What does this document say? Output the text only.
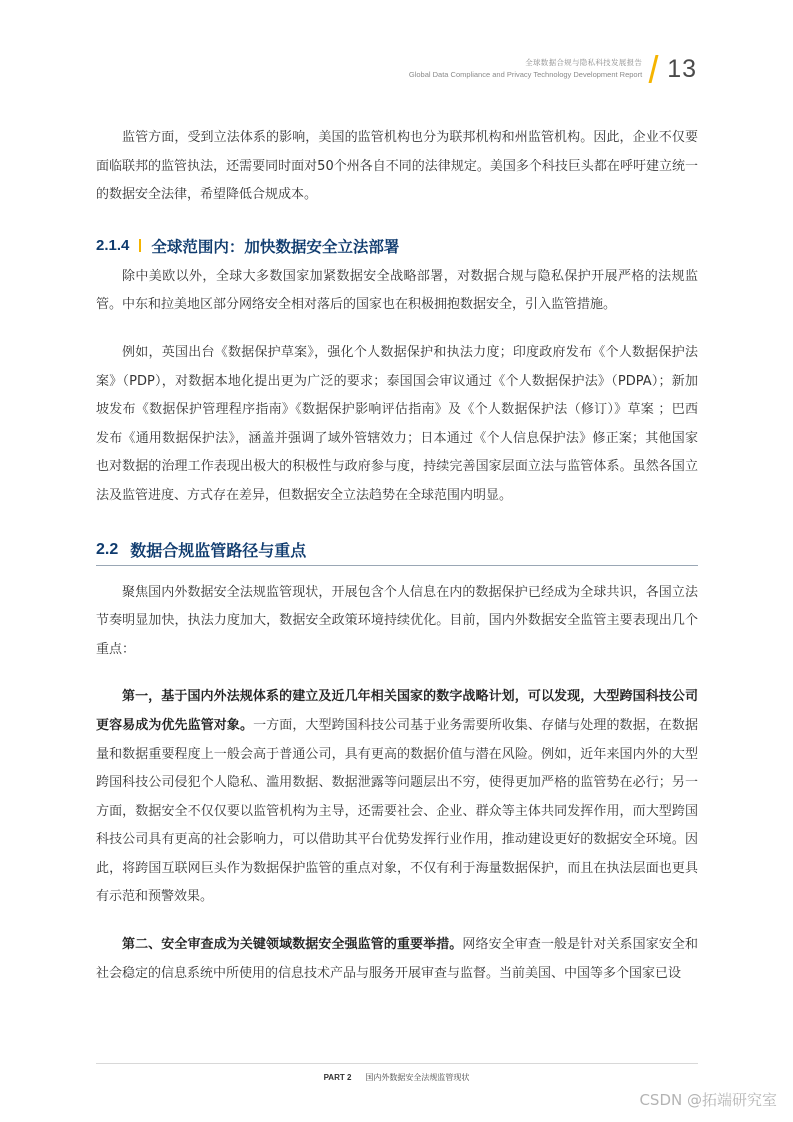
全球数据合规与隐私科技发展报告
Global Data Compliance and Privacy Technology Development Report 13

监管方面，受到立法体系的影响，美国的监管机构也分为联邦机构和州监管机构。因此，企业不仅要面临联邦的监管执法，还需要同时面对50个州各自不同的法律规定。美国多个科技巨头都在呼吁建立统一的数据安全法律，希望降低合规成本。

2.1.4 全球范围内：加快数据安全立法部署

除中美欧以外，全球大多数国家加紧数据安全战略部署，对数据合规与隐私保护开展严格的法规监管。中东和拉美地区部分网络安全相对落后的国家也在积极拥抱数据安全，引入监管措施。

例如，英国出台《数据保护草案》，强化个人数据保护和执法力度；印度政府发布《个人数据保护法案》（PDP），对数据本地化提出更为广泛的要求；泰国国会审议通过《个人数据保护法》（PDPA）；新加坡发布《数据保护管理程序指南》《数据保护影响评估指南》及《个人数据保护法（修订）》草案 ；巴西发布《通用数据保护法》，涵盖并强调了域外管辖效力；日本通过《个人信息保护法》修正案；其他国家也对数据的治理工作表现出极大的积极性与政府参与度，持续完善国家层面立法与监管体系。虽然各国立法及监管进度、方式存在差异，但数据安全立法趋势在全球范围内明显。

2.2 数据合规监管路径与重点

聚焦国内外数据安全法规监管现状，开展包含个人信息在内的数据保护已经成为全球共识，各国立法节奏明显加快，执法力度加大，数据安全政策环境持续优化。目前，国内外数据安全监管主要表现出几个重点：

第一，基于国内外法规体系的建立及近几年相关国家的数字战略计划，可以发现，大型跨国科技公司更容易成为优先监管对象。一方面，大型跨国科技公司基于业务需要所收集、存储与处理的数据，在数据量和数据重要程度上一般会高于普通公司，具有更高的数据价值与潜在风险。例如，近年来国内外的大型跨国科技公司侵犯个人隐私、滥用数据、数据泄露等问题层出不穷，使得更加严格的监管势在必行；另一方面，数据安全不仅仅要以监管机构为主导，还需要社会、企业、群众等主体共同发挥作用，而大型跨国科技公司具有更高的社会影响力，可以借助其平台优势发挥行业作用，推动建设更好的数据安全环境。因此，将跨国互联网巨头作为数据保护监管的重点对象，不仅有利于海量数据保护，而且在执法层面也更具有示范和预警效果。

第二、安全审查成为关键领域数据安全强监管的重要举措。网络安全审查一般是针对关系国家安全和社会稳定的信息系统中所使用的信息技术产品与服务开展审查与监督。当前美国、中国等多个国家已设

PART 2 国内外数据安全法规监管现状
CSDN @拓端研究室
